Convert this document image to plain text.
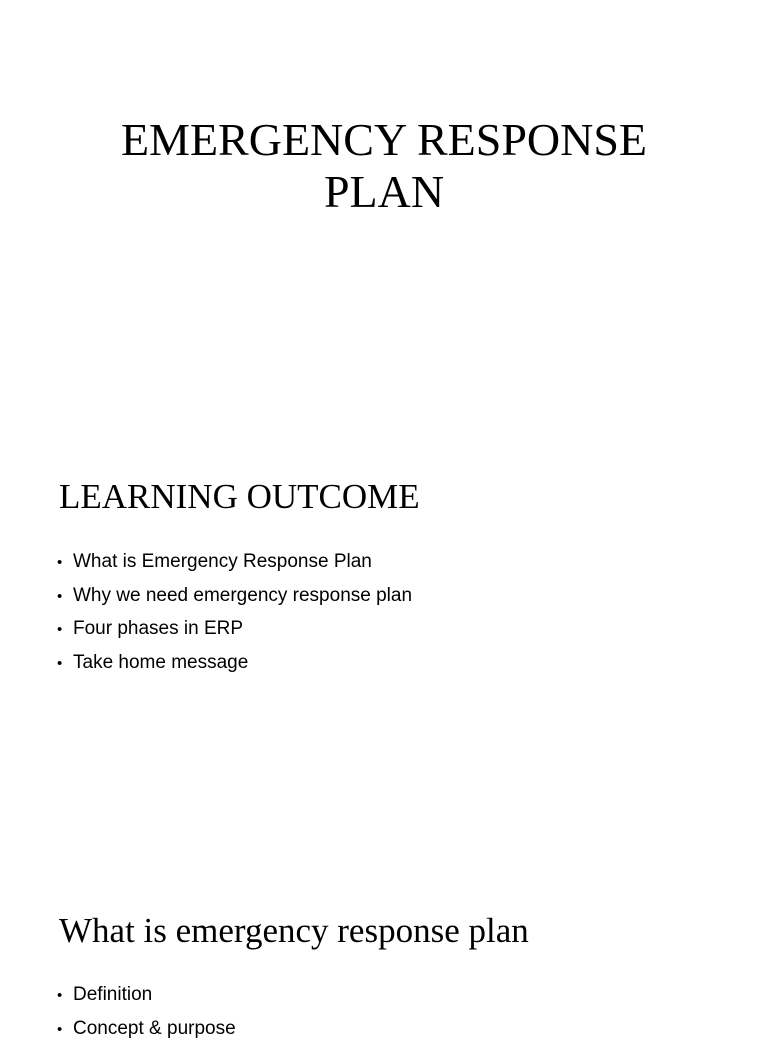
EMERGENCY RESPONSE
PLAN
LEARNING OUTCOME
• What is Emergency Response Plan
• Why we need emergency response plan
• Four phases in ERP
• Take home message
What is emergency response plan
• Definition
• Concept & purpose
